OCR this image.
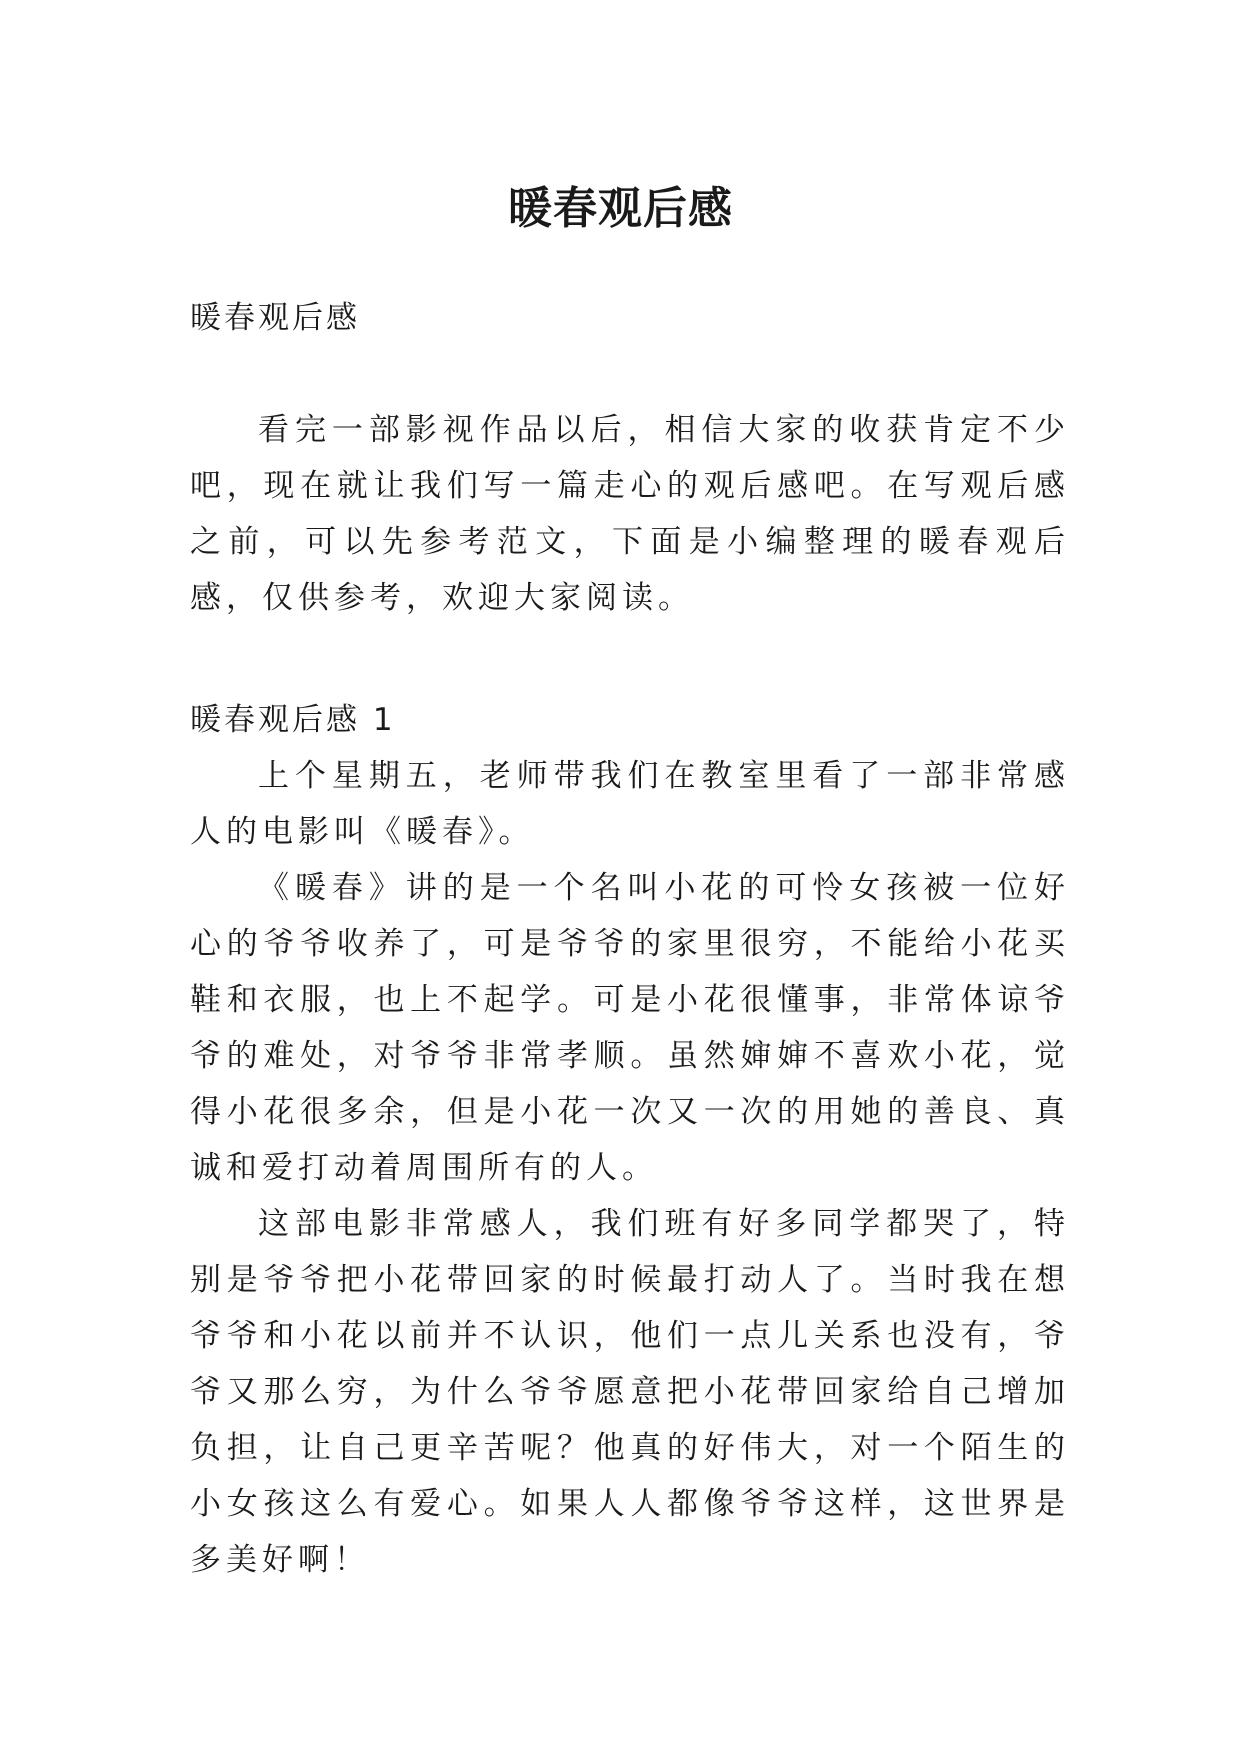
暖春观后感

暖春观后感

看完一部影视作品以后，相信大家的收获肯定不少吧，现在就让我们写一篇走心的观后感吧。在写观后感之前，可以先参考范文，下面是小编整理的暖春观后感，仅供参考，欢迎大家阅读。

暖春观后感 1

上个星期五，老师带我们在教室里看了一部非常感人的电影叫《暖春》。

《暖春》讲的是一个名叫小花的可怜女孩被一位好心的爷爷收养了，可是爷爷的家里很穷，不能给小花买鞋和衣服，也上不起学。可是小花很懂事，非常体谅爷爷的难处，对爷爷非常孝顺。虽然婶婶不喜欢小花，觉得小花很多余，但是小花一次又一次的用她的善良、真诚和爱打动着周围所有的人。

这部电影非常感人，我们班有好多同学都哭了，特别是爷爷把小花带回家的时候最打动人了。当时我在想爷爷和小花以前并不认识，他们一点儿关系也没有，爷爷又那么穷，为什么爷爷愿意把小花带回家给自己增加负担，让自己更辛苦呢？他真的好伟大，对一个陌生的小女孩这么有爱心。如果人人都像爷爷这样，这世界是多美好啊！
